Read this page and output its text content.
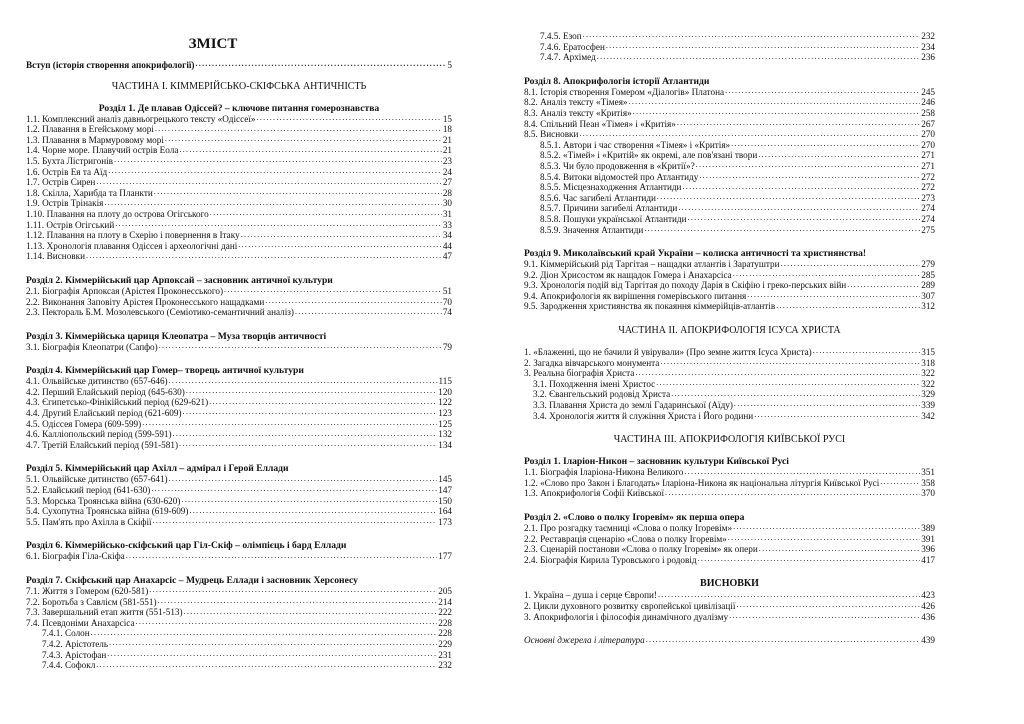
ЗМІСТ
Вступ (історія створення апокрифології) .....	5
ЧАСТИНА І. КІММЕРІЙСЬКО-СКІФСЬКА АНТИЧНІСТЬ
Розділ 1. Де плавав Одіссей? – ключове питання гомерознавства
1.1. Комплексний аналіз давньогрецького тексту «Одіссеї» .....	15
1.2. Плавання в Егейському морі .....	18
1.3. Плавання в Мармуровому морі .....	21
1.4. Чорне море. Плавучий острів Еола .....	21
1.5. Бухта Лістригонів .....	23
1.6. Острів Ея та Аїд .....	24
1.7. Острів Сирен .....	27
1.8. Скілла, Харибда та Планкти .....	28
1.9. Острів Трінакія .....	30
1.10. Плавання на плоту до острова Огігського .....	31
1.11. Острів Огігський .....	33
1.12. Плавання на плоту в Схерію і повернення в Ітаку .....	34
1.13. Хронологія плавання Одіссея і археологічні дані .....	44
1.14. Висновки .....	47
Розділ 2. Кіммерійський цар Арпоксай – засновник античної культури
2.1. Біографія Арпоксая (Арістея Проконесського) .....	51
2.2. Виконання Заповіту Арістея Проконесського нащадками .....	70
2.3. Пектораль Б.М. Мозолевського (Семіотико-семантичний аналіз) .....	74
Розділ 3. Кіммерійська цариця Клеопатра – Муза творців античності
3.1. Біографія Клеопатри (Сапфо) .....	79
Розділ 4. Кіммерійський цар Гомер– творець античної культури
4.1. Ольвійське дитинство (657-646) .....	115
4.2. Перший Елайський період (645-630) .....	120
4.3. Єгипетсько-Фінікійський період (629-621) .....	122
4.4. Другий Елайський період (621-609) .....	123
4.5. Одіссея Гомера (609-599) .....	125
4.6. Калліопольский період (599-591) .....	132
4.7. Третій Елайський період (591-581) .....	134
Розділ 5. Кіммерійський цар Ахілл – адмірал і Герой Еллади
5.1. Ольвійське дитинство (657-641) .....	145
5.2. Елайський період (641-630) .....	147
5.3. Морська Троянська війна (630-620) .....	150
5.4. Сухопутна Троянська війна (619-609) .....	164
5.5. Пам'ять про Ахілла в Скіфії .....	173
Розділ 6. Кіммерійсько-скіфський цар Гіл-Скіф – олімпієць і бард Еллади
6.1. Біографія Гіла-Скіфа .....	177
Розділ 7. Скіфський цар Анахарсіс – Мудрець Еллади і засновник Херсонесу
7.1. Життя з Гомером (620-581) .....	205
7.2. Боротьба з Савлієм (581-551) .....	214
7.3. Завершальний етап життя (551-513) .....	222
7.4. Псевдоніми Анахарсіса .....	228
7.4.1. Солон .....	228
7.4.2. Арістотель .....	229
7.4.3. Арістофан .....	231
7.4.4. Софокл .....	232
7.4.5. Езоп .....	232
7.4.6. Ератосфен .....	234
7.4.7. Архімед .....	236
Розділ 8. Апокрифологія історії Атлантиди
8.1. Історія створення Гомером «Діалогів» Платона .....	245
8.2. Аналіз тексту «Тімея» .....	246
8.3. Аналіз тексту «Критія» .....	258
8.4. Спільний Пеан «Тімея» і «Критія» .....	267
8.5. Висновки .....	270
8.5.1. Автори і час створення «Тімея» і «Критія» .....	270
8.5.2. «Тімей» і «Критій» як окремі, але пов'язані твори .....	271
8.5.3. Чи було продовження в «Критії»? .....	271
8.5.4. Витоки відомостей про Атлантиду .....	272
8.5.5. Місцезнаходження Атлантиди .....	272
8.5.6. Час загибелі Атлантиди .....	273
8.5.7. Причини загибелі Атлантиди .....	274
8.5.8. Пошуки української Атлантиди .....	274
8.5.9. Значення Атлантиди .....	275
Розділ 9. Миколаївський край України – колиска античності та християнства!
9.1. Кіммерійський рід Таргітая – нащадки атлантів і Заратуштри .....	279
9.2. Діон Хрисостом як нащадок Гомера і Анахарсіса .....	285
9.3. Хронологія подій від Таргітая до походу Дарія в Скіфію і греко-перських війн .....	289
9.4. Апокрифологія як вирішення гомерівського питання .....	307
9.5. Зародження християнства як покаяння кіммерійців-атлантів .....	312
ЧАСТИНА ІІ. АПОКРИФОЛОГІЯ ІСУСА ХРИСТА
1. «Блаженні, що не бачили й увірували» (Про земне життя Ісуса Христа) .....	315
2. Загадка вівчарського монумента .....	318
3. Реальна біографія Христа .....	322
3.1. Походження імені Христос .....	322
3.2. Євангельський родовід Христа .....	329
3.3. Плавання Христа до землі Гадаринської (Аїду) .....	339
3.4. Хронологія життя й служіння Христа і Його родини .....	342
ЧАСТИНА ІІІ. АПОКРИФОЛОГІЯ КИЇВСЬКОЇ РУСІ
Розділ 1. Іларіон-Никон – засновник культури Київської Русі
1.1. Біографія Іларіона-Никона Великого .....	351
1.2. «Слово про Закон і Благодать» Іларіона-Никона як національна літургія Київської Русі .....	358
1.3. Апокрифологія Софії Київської .....	370
Розділ 2. «Слово о полку Ігоревім» як перша опера
2.1. Про розгадку таємниці «Слова о полку Ігоревім» .....	389
2.2. Реставрація сценарію «Слова о полку Ігоревім» .....	391
2.3. Сценарій постанови «Слова о полку Ігоревім» як опери .....	396
2.4. Біографія Кирила Туровського і родовід .....	417
ВИСНОВКИ
1. Україна – душа і серце Європи! .....	423
2. Цикли духовного розвитку європейської цивілізації .....	426
3. Апокрифологія і філософія динамічного дуалізму .....	436
Основні джерела і література .....	439
